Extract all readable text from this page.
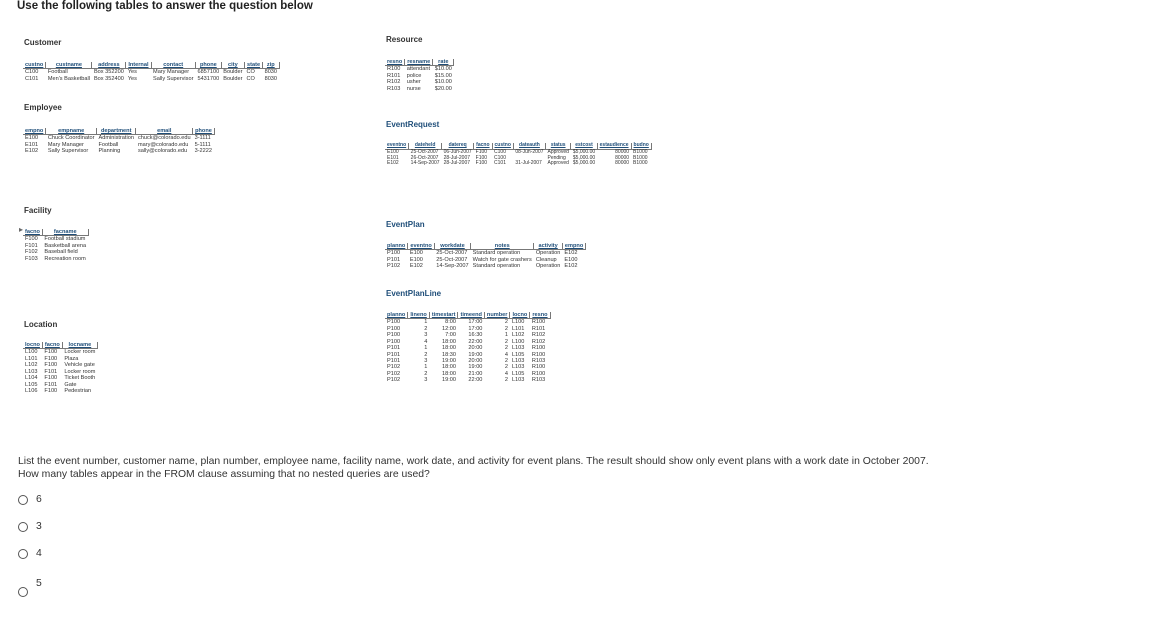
Use the following tables to answer the question below
Customer
custno	custname	address	Internal	contact	phone	city	state	zip
C100	Football	Box 352200	Yes	Mary Manager	6857100	Boulder	CO	8030
C101	Men's Basketball	Box 352400	Yes	Sally Supervisor	5431700	Boulder	CO	8030
Employee
empno	empname	department	email	phone
E100	Chuck Coordinator	Administration	chuck@colorado.edu	3-1111
E101	Mary Manager	Football	mary@colorado.edu	5-1111
E102	Sally Supervisor	Planning	sally@colorado.edu	3-2222
Facility
▸ facno	facname
F100	Football stadium
F101	Basketball arena
F102	Baseball field
F103	Recreation room
Location
locno	facno	locname
L100	F100	Locker room
L101	F100	Plaza
L102	F100	Vehicle gate
L103	F101	Locker room
L104	F100	Ticket Booth
L105	F101	Gate
L106	F100	Pedestrian
Resource
resno	resname	rate
R100	attendant	$10.00
R101	police	$15.00
R102	usher	$10.00
R103	nurse	$20.00
EventRequest
eventno	dateheld	datereq	facno	custno	dateauth	status	estcost	estaudience	budno
E100	25-Oct-2007	06-Jun-2007	F100	C100	08-Jun-2007	Approved	$5,000.00	80000	B1000
E101	26-Oct-2007	28-Jul-2007	F100	C100		Pending	$5,000.00	80000	B1000
E102	14-Sep-2007	28-Jul-2007	F100	C101	31-Jul-2007	Approved	$5,000.00	80000	B1000
EventPlan
planno	eventno	workdate	notes	activity	empno
P100	E100	25-Oct-2007	Standard operation	Operation	E102
P101	E100	25-Oct-2007	Watch for gate crashers	Cleanup	E100
P102	E102	14-Sep-2007	Standard operation	Operation	E102
EventPlanLine
planno	lineno	timestart	timeend	number	locno	resno
P100	1	8:00	17:00	2	L100	R100
P100	2	12:00	17:00	2	L101	R101
P100	3	7:00	16:30	1	L102	R102
P100	4	18:00	22:00	2	L100	R102
P101	1	18:00	20:00	2	L103	R100
P101	2	18:30	19:00	4	L105	R100
P101	3	19:00	20:00	2	L103	R103
P102	1	18:00	19:00	2	L103	R100
P102	2	18:00	21:00	4	L105	R100
P102	3	19:00	22:00	2	L103	R103
List the event number, customer name, plan number, employee name, facility name, work date, and activity for event plans. The result should show only event plans with a work date in October 2007.
How many tables appear in the FROM clause assuming that no nested queries are used?
6
3
4
5
